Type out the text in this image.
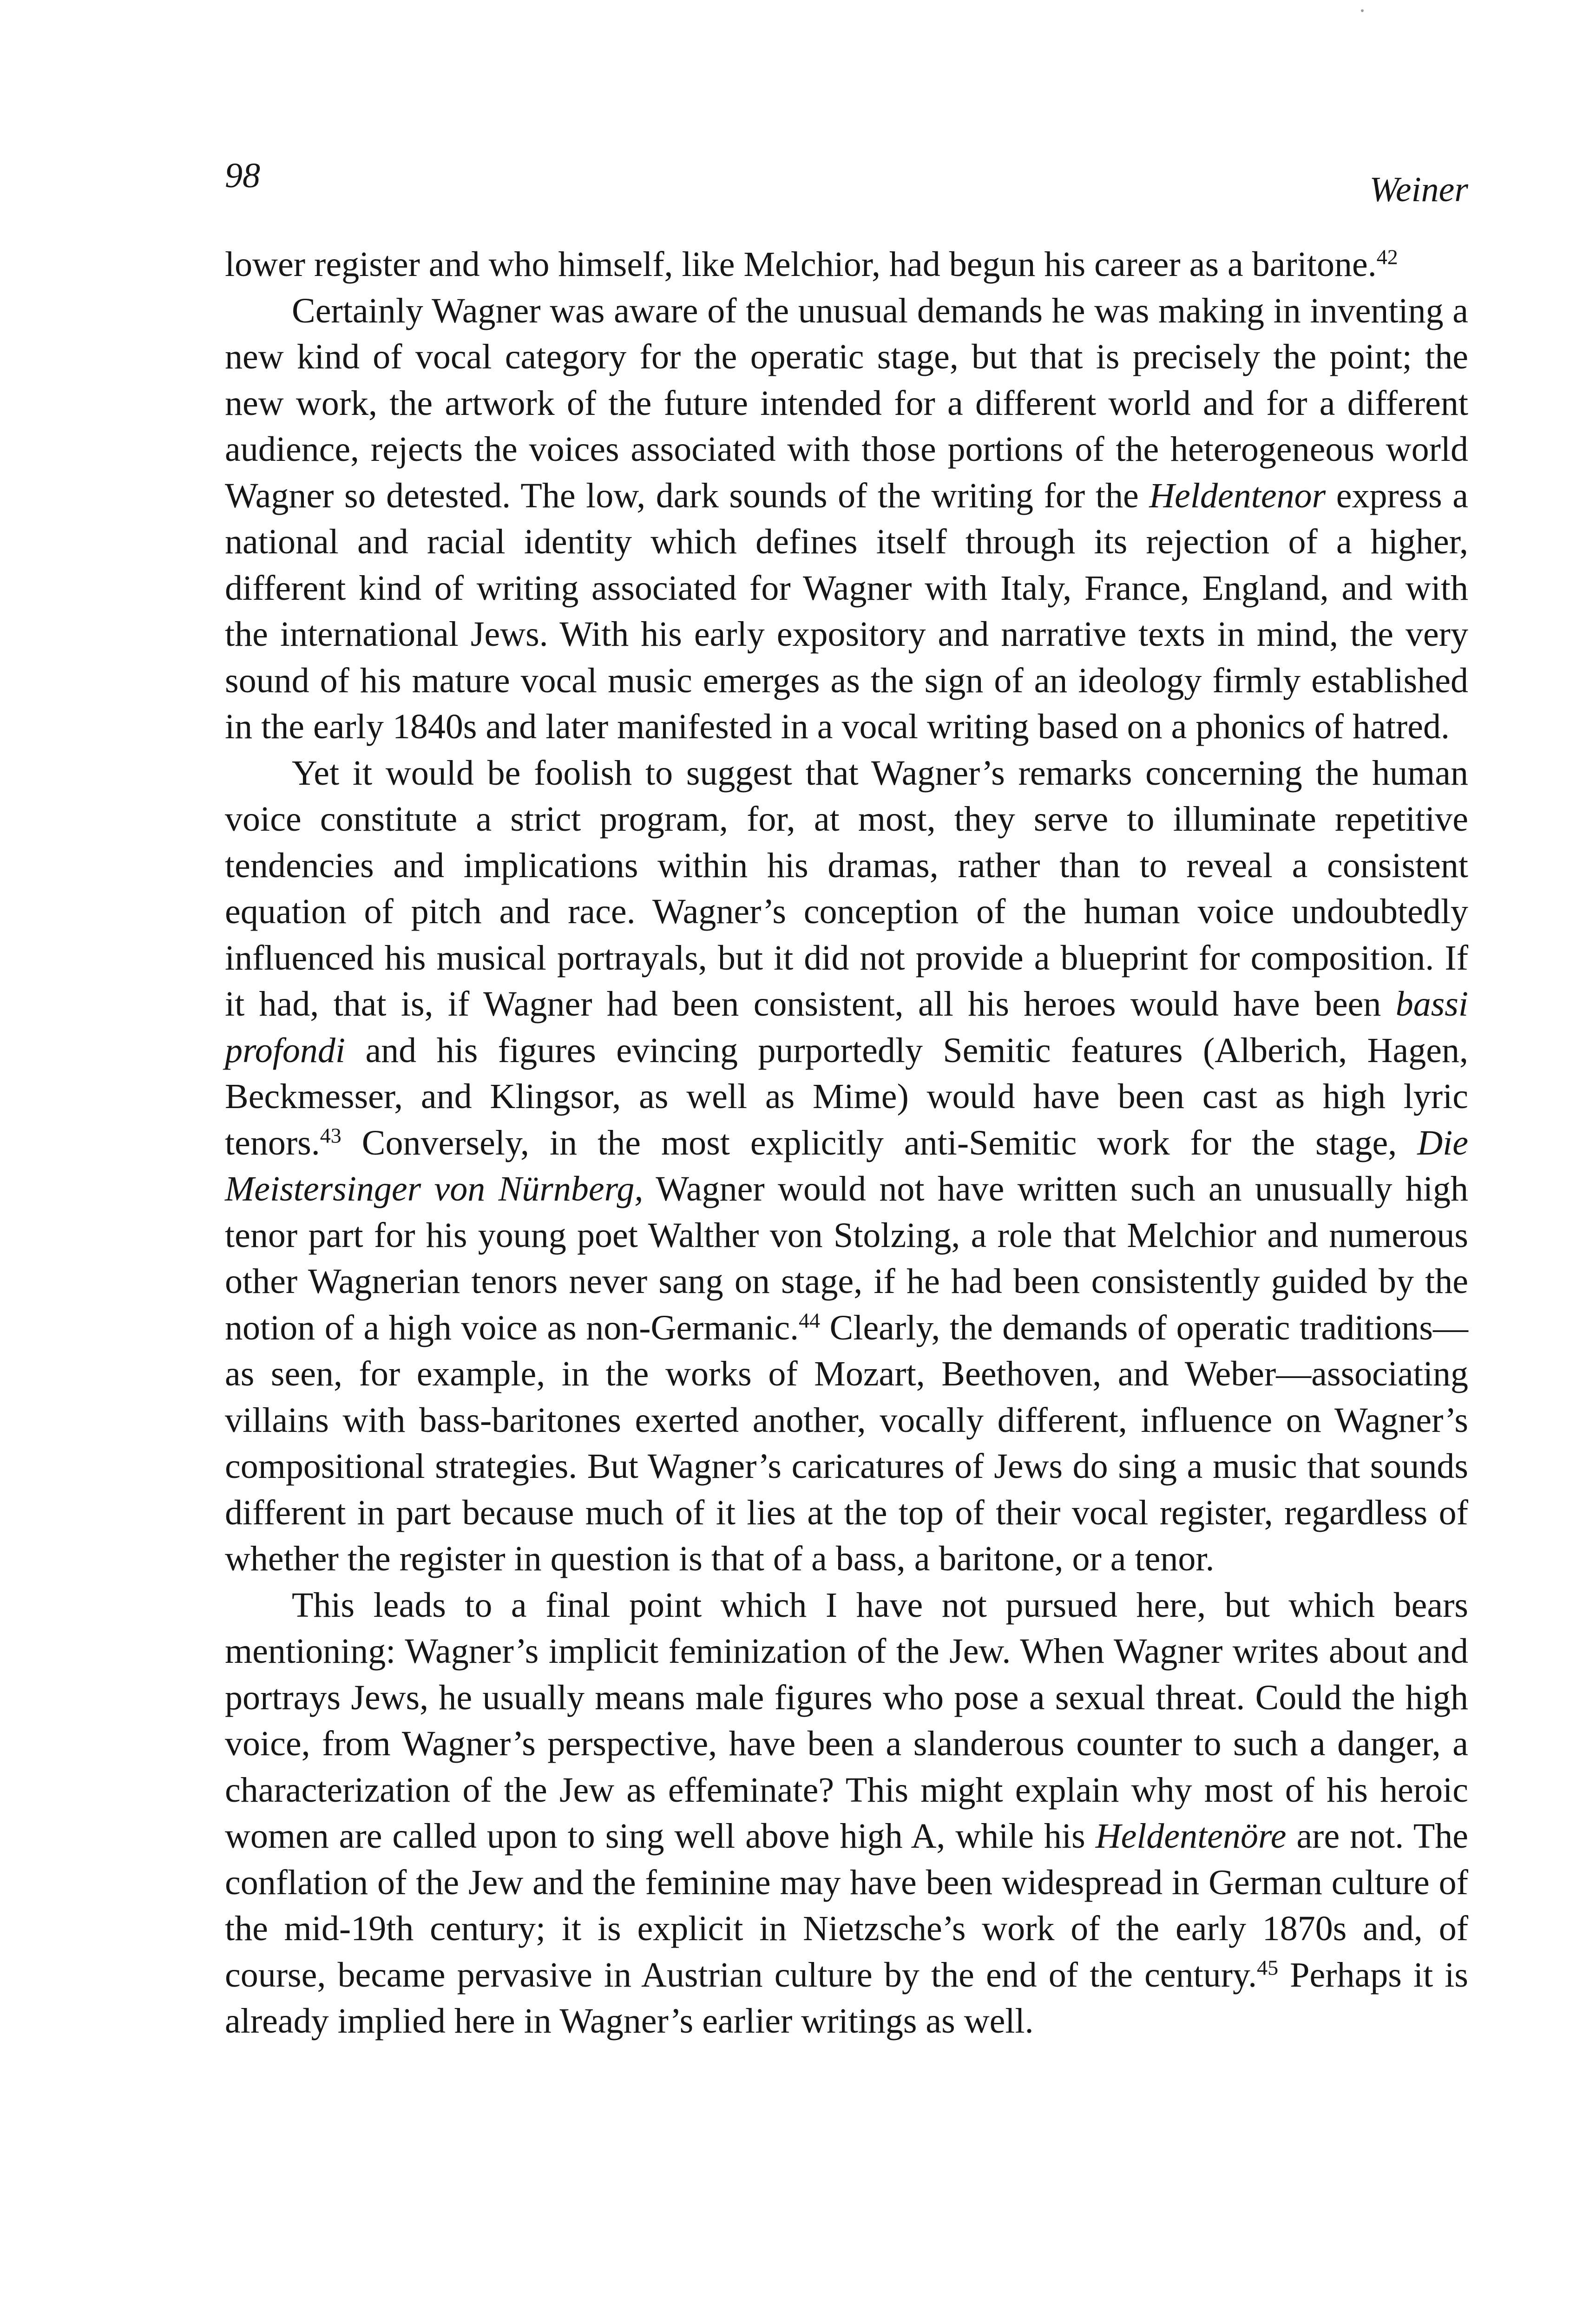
98	Weiner

lower register and who himself, like Melchior, had begun his career as a baritone.$^{42}$

Certainly Wagner was aware of the unusual demands he was making in inventing a new kind of vocal category for the operatic stage, but that is precisely the point; the new work, the artwork of the future intended for a different world and for a different audience, rejects the voices associated with those portions of the heterogeneous world Wagner so detested. The low, dark sounds of the writing for the Heldentenor express a national and racial identity which defines itself through its rejection of a higher, different kind of writing associated for Wagner with Italy, France, England, and with the international Jews. With his early expository and narrative texts in mind, the very sound of his mature vocal music emerges as the sign of an ideology firmly established in the early 1840s and later manifested in a vocal writing based on a phonics of hatred.

Yet it would be foolish to suggest that Wagner’s remarks concerning the human voice constitute a strict program, for, at most, they serve to illuminate repetitive tendencies and implications within his dramas, rather than to reveal a consistent equation of pitch and race. Wagner’s conception of the human voice undoubtedly influenced his musical portrayals, but it did not provide a blueprint for composition. If it had, that is, if Wagner had been consistent, all his heroes would have been bassi profondi and his figures evincing purportedly Semitic features (Alberich, Hagen, Beckmesser, and Klingsor, as well as Mime) would have been cast as high lyric tenors.$^{43}$ Conversely, in the most explicitly anti-Semitic work for the stage, Die Meistersinger von Nürnberg, Wagner would not have written such an unusually high tenor part for his young poet Walther von Stolzing, a role that Melchior and numerous other Wagnerian tenors never sang on stage, if he had been consistently guided by the notion of a high voice as non-Germanic.$^{44}$ Clearly, the demands of operatic traditions—as seen, for example, in the works of Mozart, Beethoven, and Weber—associating villains with bass-baritones exerted another, vocally different, influence on Wagner’s compositional strategies. But Wagner’s caricatures of Jews do sing a music that sounds different in part because much of it lies at the top of their vocal register, regardless of whether the register in question is that of a bass, a baritone, or a tenor.

This leads to a final point which I have not pursued here, but which bears mentioning: Wagner’s implicit feminization of the Jew. When Wagner writes about and portrays Jews, he usually means male figures who pose a sexual threat. Could the high voice, from Wagner’s perspective, have been a slanderous counter to such a danger, a characterization of the Jew as effeminate? This might explain why most of his heroic women are called upon to sing well above high A, while his Heldentenöre are not. The conflation of the Jew and the feminine may have been widespread in German culture of the mid-19th century; it is explicit in Nietzsche’s work of the early 1870s and, of course, became pervasive in Austrian culture by the end of the century.$^{45}$ Perhaps it is already implied here in Wagner’s earlier writings as well.
